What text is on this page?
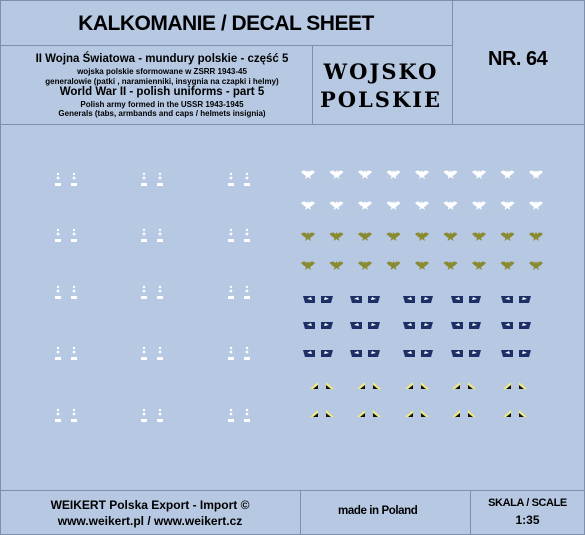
KALKOMANIE / DECAL SHEET
NR. 64
II Wojna Światowa - mundury polskie - część 5
wojska polskie sformowane w ZSRR 1943-45
generalowie (patki , naramienniki, insygnia na czapki i helmy)
World War II - polish uniforms - part 5
Polish army formed in the USSR 1943-1945
Generals (tabs, armbands and caps / helmets insignia)
WOJSKO
POLSKIE
WEIKERT Polska Export - Import ©
www.weikert.pl / www.weikert.cz
made in Poland
SKALA / SCALE
1:35
